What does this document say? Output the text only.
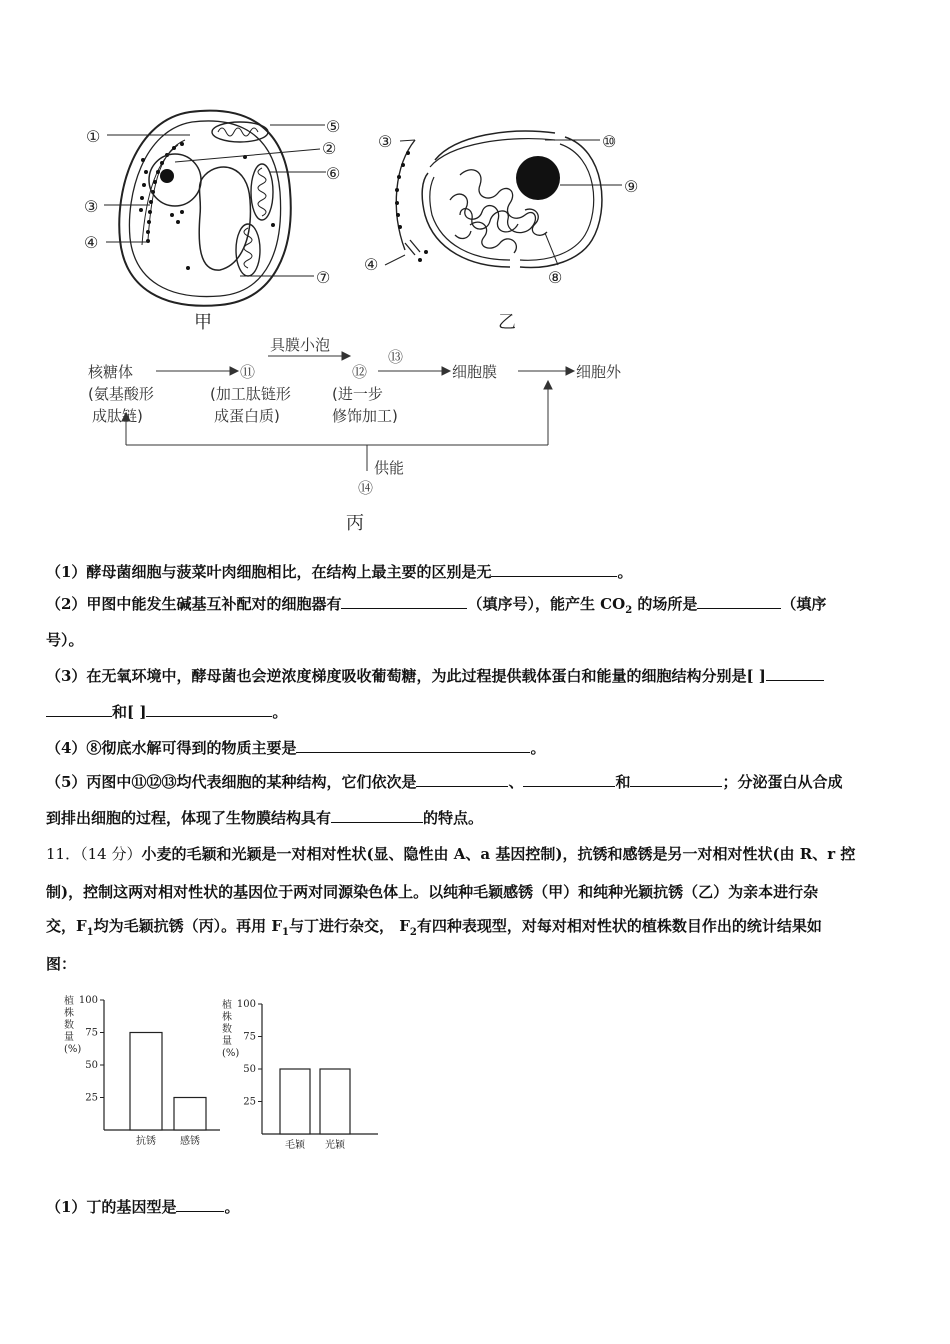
①
⑤
②
⑥
③
④
⑦
甲
③	⑩
⑨
④
⑧
乙
核糖体
(氨基酸形
成肽链)
⑪
(加工肽链形
成蛋白质)
具膜小泡
⑫
(进一步
修饰加工)
⑬
细胞膜	细胞外
供能
⑭
丙
（1）酵母菌细胞与菠菜叶肉细胞相比，在结构上最主要的区别是无	。
（2）甲图中能发生碱基互补配对的细胞器有	（填序号），能产生 $CO_2$ 的场所是	（填序
号）。
（3）在无氧环境中，酵母菌也会逆浓度梯度吸收葡萄糖，为此过程提供载体蛋白和能量的细胞结构分别是[ ]
和[ ]	。
（4）⑧彻底水解可得到的物质主要是	。
（5）丙图中⑪⑫⑬均代表细胞的某种结构，它们依次是	、	和	；分泌蛋白从合成
到排出细胞的过程，体现了生物膜结构具有	的特点。
11．（14 分）小麦的毛颖和光颖是一对相对性状(显、隐性由 A、a 基因控制)，抗锈和感锈是另一对相对性状(由 R、r 控
制)，控制这两对相对性状的基因位于两对同源染色体上。以纯种毛颖感锈（甲）和纯种光颖抗锈（乙）为亲本进行杂
交，$F_1$均为毛颖抗锈（丙）。再用 $F_1$与丁进行杂交， $F_2$有四种表现型，对每对相对性状的植株数目作出的统计结果如
图：
植
株
数
量
(%)
100
75
50
25
抗锈 感锈
植
株
数
量
(%)
100
75
50
25
毛颖 光颖
（1）丁的基因型是	。
